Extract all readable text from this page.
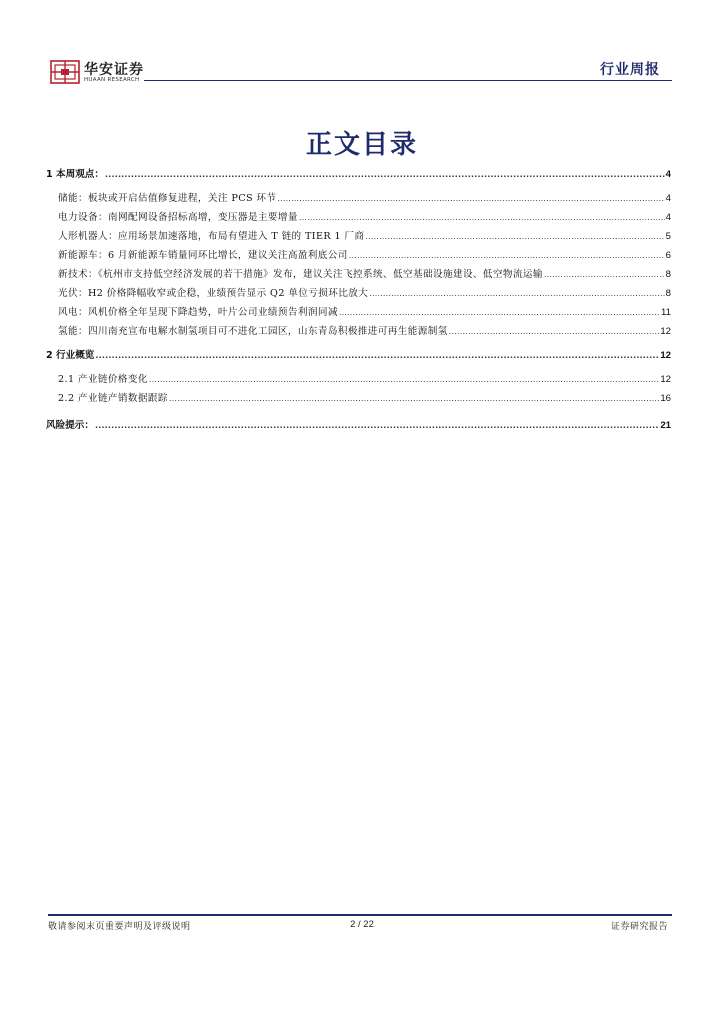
华安证券
HUAAN RESEARCH
行业周报
正文目录
1 本周观点： .....	4
储能：板块或开启估值修复进程，关注 PCS 环节 .....	4
电力设备：南网配网设备招标高增，变压器是主要增量 .....	4
人形机器人：应用场景加速落地，布局有望进入 T 链的 TIER 1 厂商 .....	5
新能源车：6 月新能源车销量同环比增长，建议关注高盈利底公司 .....	6
新技术：《杭州市支持低空经济发展的若干措施》发布，建议关注飞控系统、低空基础设施建设、低空物流运输 .....	8
光伏：H2 价格降幅收窄或企稳，业绩预告显示 Q2 单位亏损环比放大 .....	8
风电：风机价格全年呈现下降趋势，叶片公司业绩预告利润同减 .....	11
氢能：四川南充宣布电解水制氢项目可不进化工园区，山东青岛积极推进可再生能源制氢 .....	12
2 行业概览 .....	12
2.1 产业链价格变化 .....	12
2.2 产业链产销数据跟踪 .....	16
风险提示： .....	21
敬请参阅末页重要声明及评级说明	2 / 22	证券研究报告
